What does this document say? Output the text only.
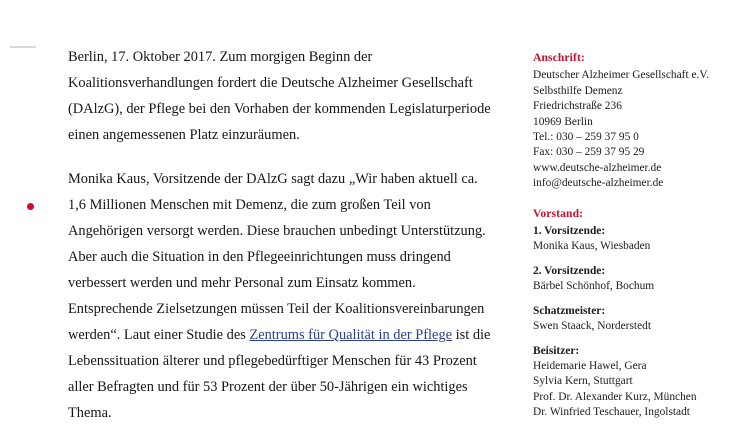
Berlin, 17. Oktober 2017. Zum morgigen Beginn der Koalitionsverhandlungen fordert die Deutsche Alzheimer Gesellschaft (DAlzG), der Pflege bei den Vorhaben der kommenden Legislaturperiode einen angemessenen Platz einzuräumen.

Monika Kaus, Vorsitzende der DAlzG sagt dazu „Wir haben aktuell ca. 1,6 Millionen Menschen mit Demenz, die zum großen Teil von Angehörigen versorgt werden. Diese brauchen unbedingt Unterstützung. Aber auch die Situation in den Pflegeeinrichtungen muss dringend verbessert werden und mehr Personal zum Einsatz kommen. Entsprechende Zielsetzungen müssen Teil der Koalitionsvereinbarungen werden“. Laut einer Studie des Zentrums für Qualität in der Pflege ist die Lebenssituation älterer und pflegebedürftiger Menschen für 43 Prozent aller Befragten und für 53 Prozent der über 50-Jährigen ein wichtiges Thema.

Anschrift:
Deutscher Alzheimer Gesellschaft e.V.
Selbsthilfe Demenz
Friedrichstraße 236
10969 Berlin
Tel.: 030 – 259 37 95 0
Fax: 030 – 259 37 95 29
www.deutsche-alzheimer.de
info@deutsche-alzheimer.de
Vorstand:
1. Vorsitzende:
Monika Kaus, Wiesbaden
2. Vorsitzende:
Bärbel Schönhof, Bochum
Schatzmeister:
Swen Staack, Norderstedt
Beisitzer:
Heidemarie Hawel, Gera
Sylvia Kern, Stuttgart
Prof. Dr. Alexander Kurz, München
Dr. Winfried Teschauer, Ingolstadt
